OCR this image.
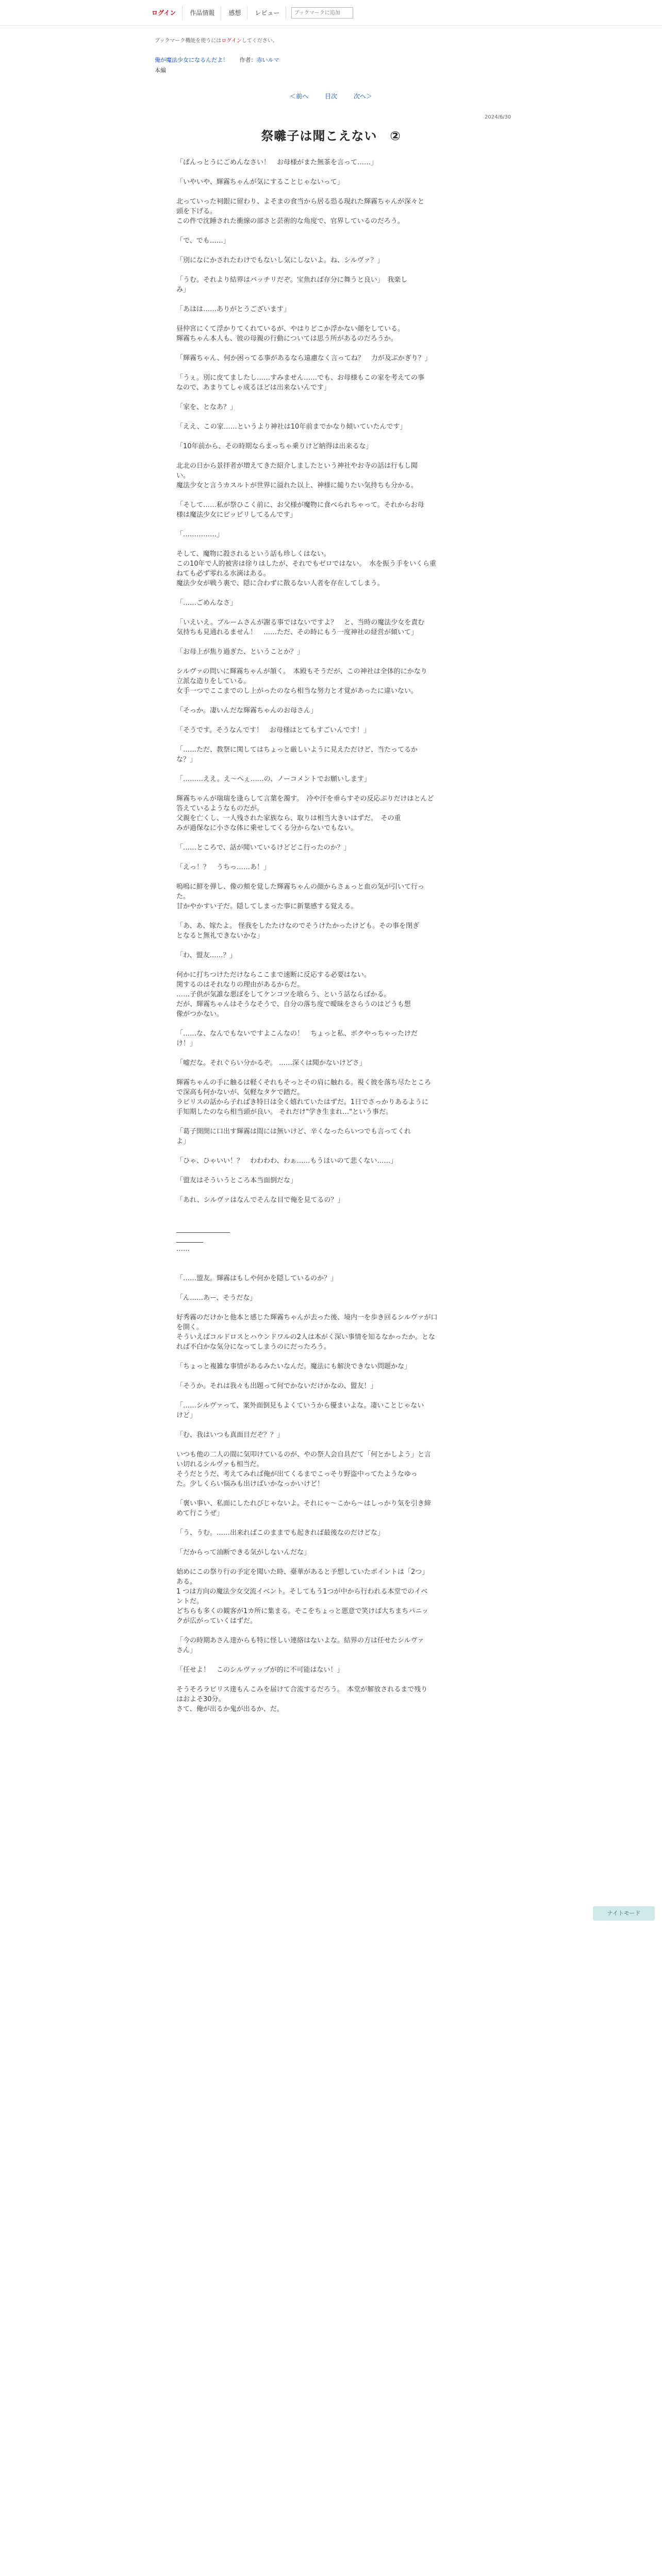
ログイン	作品情報	感想	レビュー
ブックマークに追加
ブックマーク機能を使うにはログインしてください。
俺が魔法少女になるんだよ！ 作者：赤いルマ
本編
＜前へ	目次	次へ＞
2024/6/30
祭囃子は聞こえない　②

「ぱんっとうにごめんなさい！　お母様がまた無茶を言って……」

「いやいや、輝霧ちゃんが気にすることじゃないって」

北っていった祠銀に留わり、よそまの食当から居る恐る現れた輝霧ちゃんが深々と
頭を下げる。
この件で沈睡された衝線の部さと芸術的な角度で、官界しているのだろう。

「で、でも……」

「別になにかされたわけでもないし気にしないよ。ね、シルヴァ？」

「うむ。それより結界はバッチリだぞ。宝魚れば存分に舞うと良い」　我楽し
み」

「あはは……ありがとうございます」

昼仲宮にくて浮かりてくれているが、やはりどこか浮かない顔をしている。
輝霧ちゃん本人も、彼の母親の行動については思う所があるのだろうか。

「輝霧ちゃん、何か困ってる事があるなら遠慮なく言ってね？　力が及ぶかぎり？」

「うぇ。別に皮てましたし……すみません……でも、お母様もこの家を考えての事
なので、あまりてしゃ成るほどは出来ないんです」

「家を、となあ？」

「ええ、この家……というより神社は10年前までかなり傾いていたんです」

「10年前から、その時期ならまっちゃ乗りけど納得は出来るな」

北北の日から景拝者が増えてきた紹介しましたという神社やお寺の話は行もし聞
い。
魔法少女と言うカスルトが世界に溢れた以上、神様に縋りたい気持ちも分かる。

「そして……私が祭ひこく前に、お父様が魔物に食べられちゃって。それからお母
様は魔法少女にビッビリしてるんです」

「……………」

そして、魔物に殺されるという話も珍しくはない。
この10年で人的被害は徐りはしたが、それでもゼロではない。　水を振う手をいくら重
ねても必ず零れる水滴はある。
魔法少女が戦う裏で、隠に合わずに散るない人者を存在してしまう。

「……ごめんなさ」

「いえいえ。ブルームさんが謝る事ではないですよ？　と、当時の魔法少女を責む
気持ちも見通れるません！　……ただ、その時にもう一度神社の経営が傾いて」

「お母上が焦り過ぎた、ということか？」

シルヴァの問いに輝霧ちゃんが頷く。　本殿もそうだが、この神社は全体的にかなり
立派な造りをしている。
女手一つでここまでのし上がったのなら相当な努力と才覚があったに違いない。

「そっか。凄いんだな輝霧ちゃんのお母さん」

「そうです。そうなんです！　お母様はとてもすごいんです！」

「……ただ、教祭に関してはちょっと厳しいように見えただけど、当たってるか
な？」

「………ええ。え〜へぇ……の、ノーコメントでお願いします」

輝霧ちゃんが瑞瑞を逢らして言葉を濁す。　冷や汗を垂らすその反応ぶりだけはとんど
答えているようなものだが。
父親を亡くし、一人残された家族なら、取りは相当大きいはずだ。　その重
みが過保なに小さな体に乗せしてくる分からないでもない。

「……ところで、話が聞いているけどどこ行ったのか？」

「えっ！？　うちっ……あ！」

嗚嗚に鮮を弾し、像の頬を覚した輝霧ちゃんの顔からさぁっと血の気が引いて行っ
た。
甘かやかすい子だ。隠してしまった事に新葉感する覚える。

「あ、あ、嫁たよ。 怪我をしたたけなのでそうけたかったけども。その事を閉ぎ
となると無礼できないかな」

「わ、盟友……？」

何かに打ちつけただけならここまで速断に反応する必要はない。
関するのはそれなりの理由があるからだ。
……子供が気誰な悪ぼをしてケンコツを喰らう、という話ならばかる。
だが、輝霧ちゃんはそうなそうで、自分の落ち度で曖昧をさらうのはどうも想
像がつかない。

「……な、なんでもないですよこんなの！　ちょっと私、ボクやっちゃったけだ
け！」

「嘘だな。それぐらい分かるぞ。 ……深くは聞かないけどさ」

輝霧ちゃんの手に触るは軽くそれもそっとその肩に触れる。視く彼を落ち尽たところ
で深高も何かないが、気軽なタケで踏だ。
ラビリスの話から子ればき特日は全く嬉れていたはずだ。1日でさっかりあるように
手知期したのなら相当頭が良い。 それだけ"学き生まれ…"という事だ。

「葛子開開に口出す輝霧は間には無いけど、辛くなったらいつでも言ってくれ
よ」

「ひゃ、ひゃいい！？　わわわわ、わぁ……もうほいのて悲くない……」

「盟友はそういうところ本当面倒だな」

「あれ、シルヴァはなんでそんな目で俺を見てるの？」

________________

________

……

「……盟友。輝霧はもしや何かを隠しているのか？」

「ん……あー、そうだな」

好秀霧のだけかと他本と感じた輝霧ちゃんが去った後、境内一を歩き回るシルヴァが口
を開く。
そういえばコルドロスとハウンドワルの2人は本がく深い事情を知るなかったか。とな
れば不白かな気分になってしまうのにだったろう。

「ちょっと複雑な事情があるみたいなんだ。魔法にも解決できない問題かな」

「そうか。それは我々も出題って何でかないだけかなの、盟友！」

「……シルヴァって、案外面倒見もよくていうから優まいよな。凄いことじゃない
けど」

「む、我はいつも真面目だぞ？？」

いつも他の二人の間に気叩けているのが、やの祭人会自具だて「何とかしよう」と言
い切れるシルヴァも相当だ。
そうだとうだ、考えてみれば俺が出てくるまでこっそり野盗中ってたようなゆっ
た。少しくらい悩みも出けばいかなっかいけど！

「褒い事い、私面にしたれびじゃないよ。それにゃ〜こから〜はしっかり気を引き締
めて行こうぜ」

「う、うむ。……出来ればこのままでも起きれば最後なのだけどな」

「だからって油断できる気がしないんだな」

始めにこの祭り行の予定を聞いた時、臺華があると予想していたポイントは「2つ」
ある。
1 つは方向の魔法少女交流イベント。そしてもう1つが中から行われる本堂でのイベ
ントだ。
どちらも多くの観客が1カ所に集まる。そこをちょっと悪意で笑けば大ちまちパニッ
クが広がっていくはずだ。

「今の時期あさん達からも特に怪しい連絡はないよな。結界の方は任せたシルヴァ
さん」

「任せよ！　このシルヴァップが的に不可能はない！」

そうそろラビリス達もんこみを届けて合流するだろう。　本堂が解放されるまで残り
はおよそ30分。
さて、俺が出るか鬼が出るか、だ。

ナイトモード
